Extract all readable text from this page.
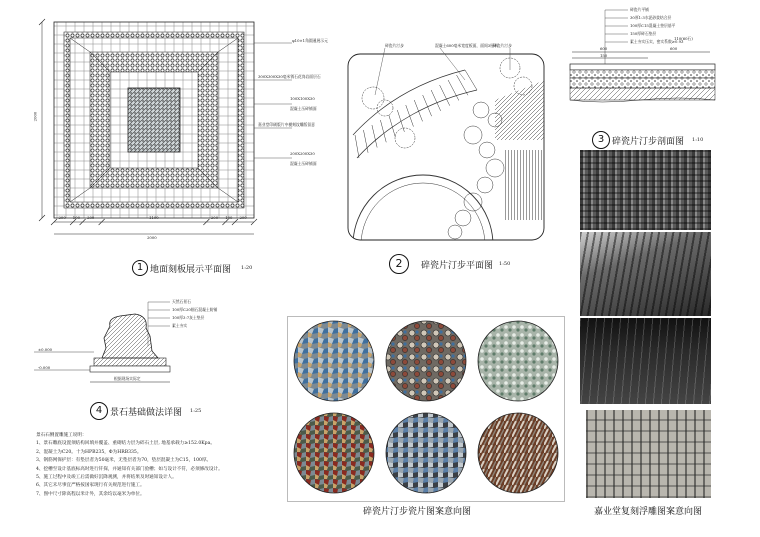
2000
2000
200 100 200	1100	200 100 200
φ10×1角圆通展示元
300X300X30毫米锈石花岗岩面层石
100X100X30
混凝土压碎铺面
嘉业堂印刷版片中模刻纹雕版留意
200X200X30
混凝土压碎铺面
1 地面刻板展示平面图 1:20
碎瓷片汀步	混凝土600毫米宽度板面，面间3厘米
碎瓷片汀步
2	碎瓷片汀步平面图 1:50
碎瓷片平铺
30厚1:3水泥砂浆结合层
100厚C15混凝土垫层基平
150厚碎石垫层
素土夯实压实，密实系数≥0.93
600	600
150
110(60石)
3 碎瓷片汀步剖面图 1:10
天然石景石
100厚C20细石混凝土防铺
100厚3:7灰土垫层
素土夯实
±0.000
-0.000
根据现场实际定
4 景石基础做法详图 1:25
景石石侧置雕施工说明：
1、景石雕底设置须结构回填并覆盖、重砌结力层为碎石土层, 地基承载力≥152.0Kpa。
2、混凝土为C20。十为HPB235，Φ为HRB335。
3、钢筋网保护层：有垫层者为50毫米，无垫层者为70，垫层混凝土为C15，100厚。
4、挖槽至设计基底标高时进行钎探，并通知有关部门验槽；如与设计不符，必须修改设计。
5、施工过程中及竣工后需做好沉降观测，并将结果及时通知设计人。
6、其它未尽事宜严格按国家现行有关规范进行施工。
7、图中尺寸除高程以米计外，其余均以毫米为单位。
碎瓷片汀步瓷片图案意向图	嘉业堂复刻浮雕图案意向图
